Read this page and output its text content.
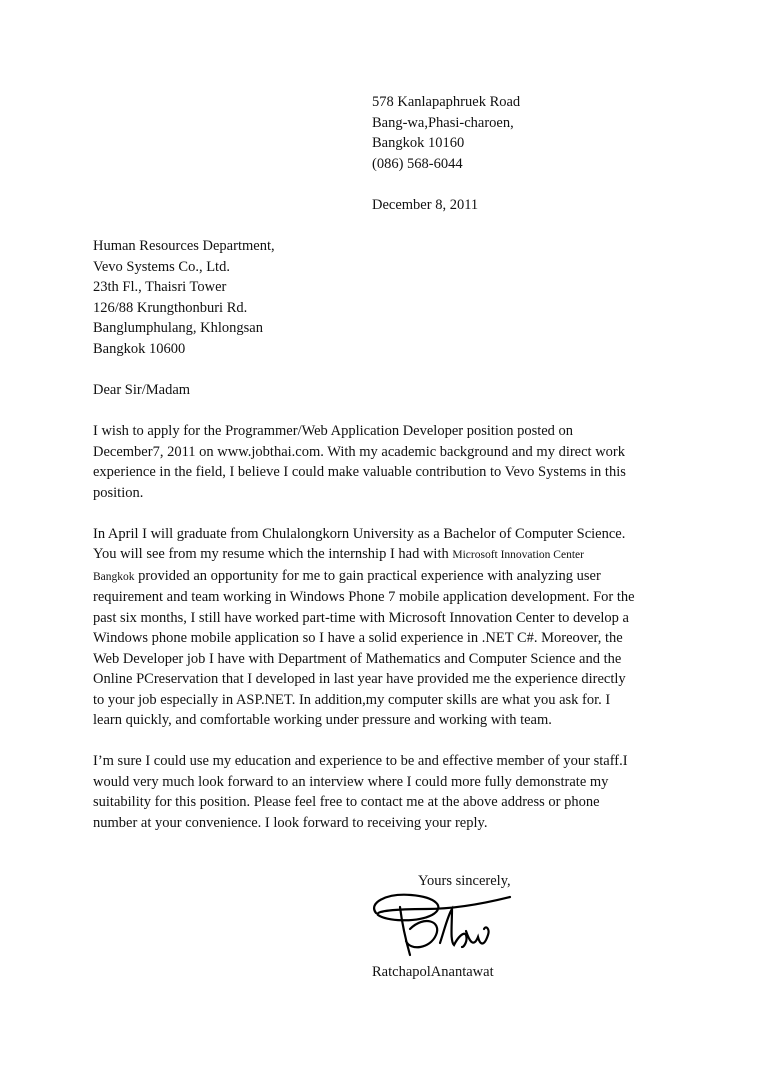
578 Kanlapaphruek Road
Bang-wa,Phasi-charoen,
Bangkok 10160
(086) 568-6044
December 8, 2011
Human Resources Department,
Vevo Systems Co., Ltd.
23th Fl., Thaisri Tower
126/88 Krungthonburi Rd.
Banglumphulang, Khlongsan
Bangkok 10600
Dear Sir/Madam
I wish to apply for the Programmer/Web Application Developer position posted on
December7, 2011 on www.jobthai.com. With my academic background and my direct work
experience in the field, I believe I could make valuable contribution to Vevo Systems in this
position.
In April I will graduate from Chulalongkorn University as a Bachelor of Computer Science.
You will see from my resume which the internship I had with Microsoft Innovation Center
Bangkok provided an opportunity for me to gain practical experience with analyzing user
requirement and team working in Windows Phone 7 mobile application development. For the
past six months, I still have worked part-time with Microsoft Innovation Center to develop a
Windows phone mobile application so I have a solid experience in .NET C#. Moreover, the
Web Developer job I have with Department of Mathematics and Computer Science and the
Online PCreservation that I developed in last year have provided me the experience directly
to your job especially in ASP.NET. In addition,my computer skills are what you ask for. I
learn quickly, and comfortable working under pressure and working with team.
I’m sure I could use my education and experience to be and effective member of your staff.I
would very much look forward to an interview where I could more fully demonstrate my
suitability for this position. Please feel free to contact me at the above address or phone
number at your convenience. I look forward to receiving your reply.
Yours sincerely,
RatchapolAnantawat
